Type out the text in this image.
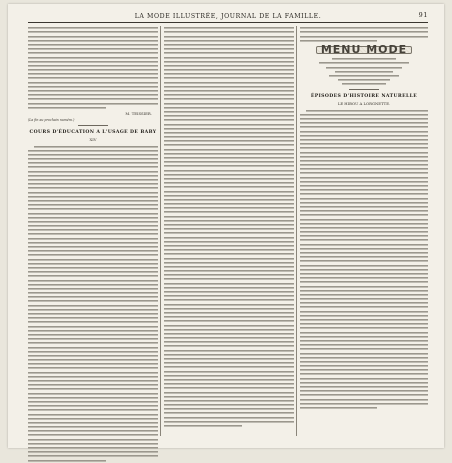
LA MODE ILLUSTRÉE, JOURNAL DE LA FAMILLE.	91
M. TEISSIER.
(La fin au prochain numéro.)
COURS D'ÉDUCATION A L'USAGE DE BABY
XIV
MENU MODE
ÉPISODES D'HISTOIRE NATURELLE
LE HIBOU A LORGNETTE.
